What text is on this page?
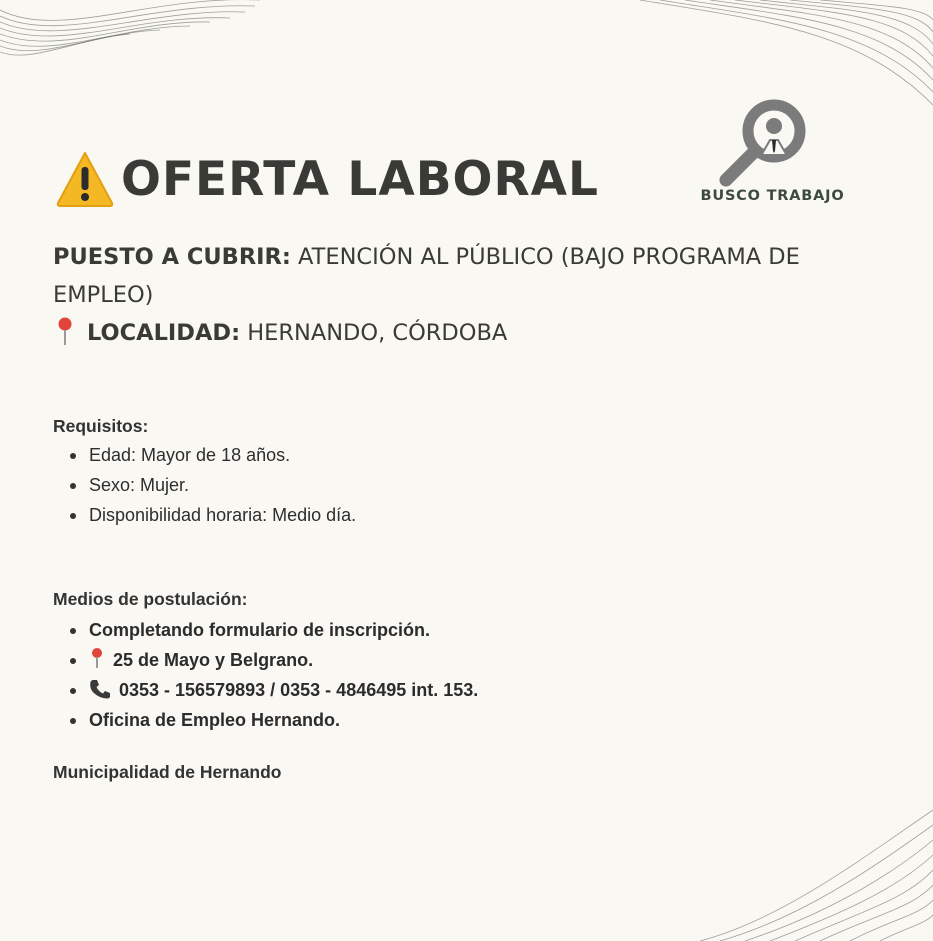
OFERTA LABORAL	BUSCO TRABAJO
PUESTO A CUBRIR: ATENCIÓN AL PÚBLICO (BAJO PROGRAMA DE EMPLEO)
LOCALIDAD: HERNANDO, CÓRDOBA
Requisitos:
Edad: Mayor de 18 años.
Sexo: Mujer.
Disponibilidad horaria: Medio día.
Medios de postulación:
Completando formulario de inscripción.
25 de Mayo y Belgrano.
0353 - 156579893 / 0353 - 4846495 int. 153.
Oficina de Empleo Hernando.
Municipalidad de Hernando
